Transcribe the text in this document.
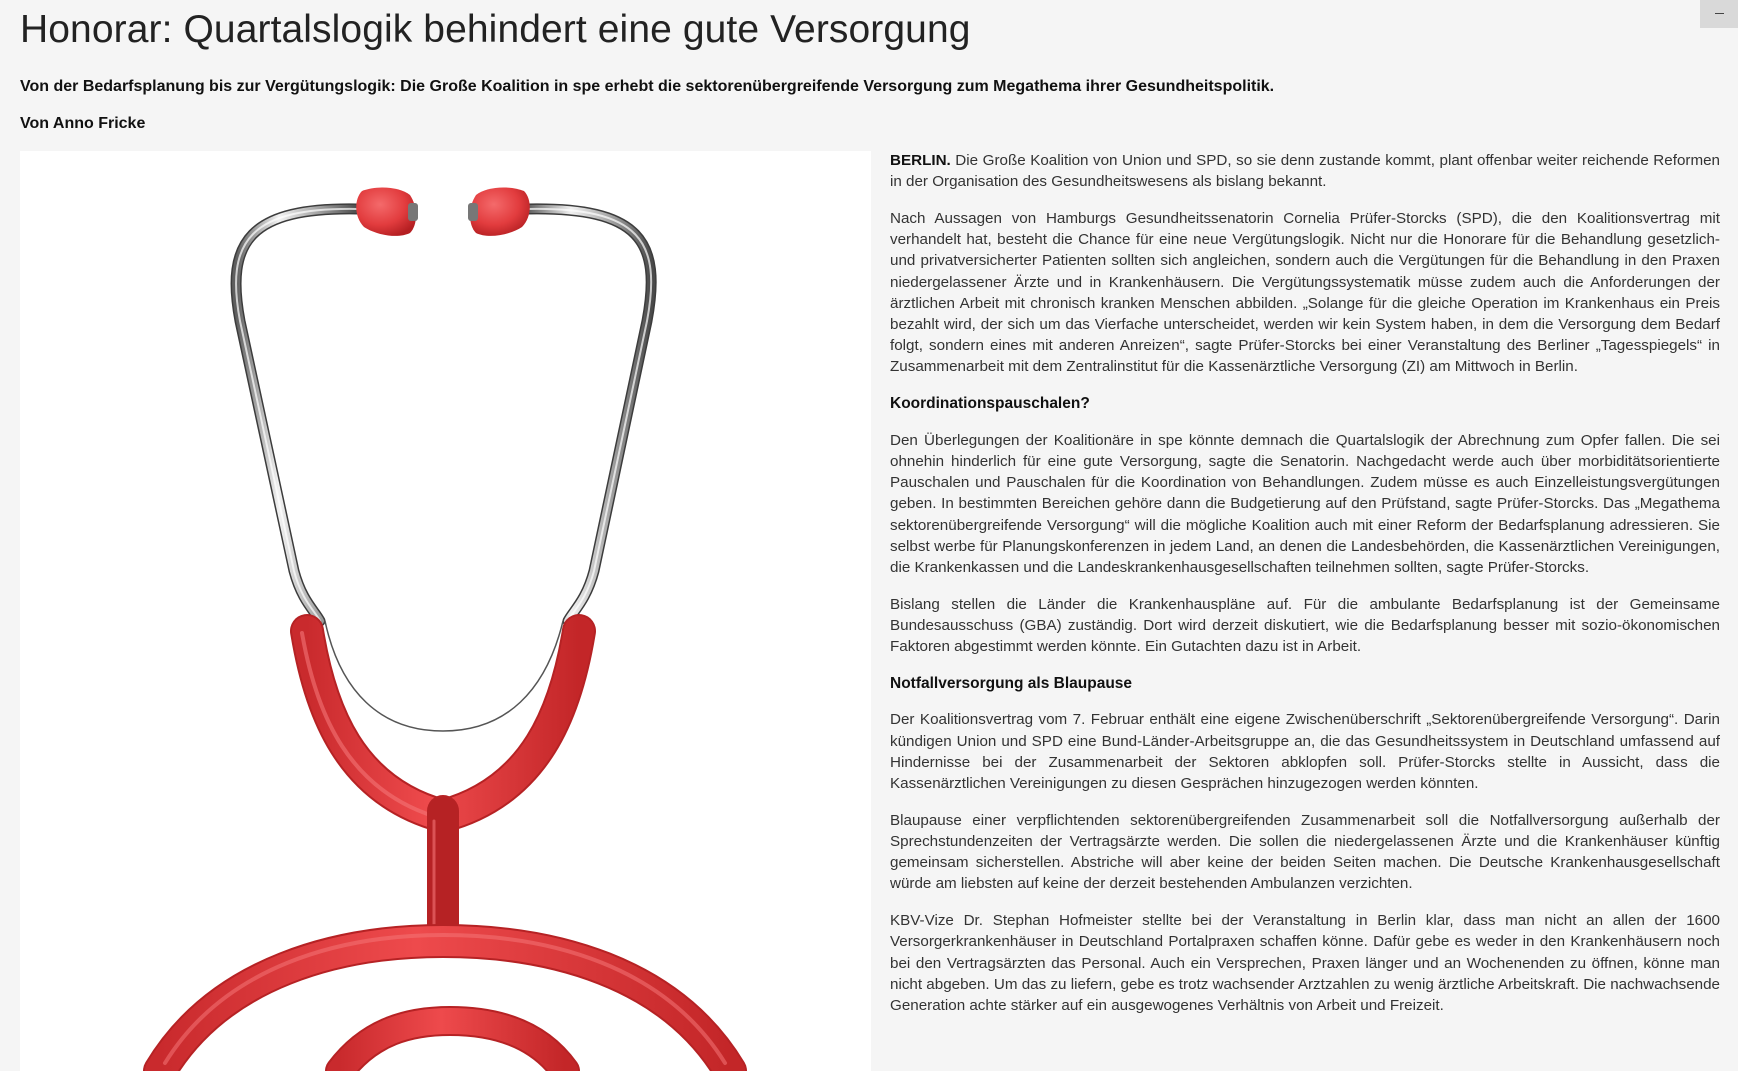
Honorar: Quartalslogik behindert eine gute Versorgung

Von der Bedarfsplanung bis zur Vergütungslogik: Die Große Koalition in spe erhebt die sektorenübergreifende Versorgung zum Megathema ihrer Gesundheitspolitik.

Von Anno Fricke

BERLIN. Die Große Koalition von Union und SPD, so sie denn zustande kommt, plant offenbar weiter reichende Reformen in der Organisation des Gesundheitswesens als bislang bekannt.

Nach Aussagen von Hamburgs Gesundheitssenatorin Cornelia Prüfer-Storcks (SPD), die den Koalitionsvertrag mit verhandelt hat, besteht die Chance für eine neue Vergütungslogik. Nicht nur die Honorare für die Behandlung gesetzlich- und privatversicherter Patienten sollten sich angleichen, sondern auch die Vergütungen für die Behandlung in den Praxen niedergelassener Ärzte und in Krankenhäusern. Die Vergütungssystematik müsse zudem auch die Anforderungen der ärztlichen Arbeit mit chronisch kranken Menschen abbilden. „Solange für die gleiche Operation im Krankenhaus ein Preis bezahlt wird, der sich um das Vierfache unterscheidet, werden wir kein System haben, in dem die Versorgung dem Bedarf folgt, sondern eines mit anderen Anreizen“, sagte Prüfer-Storcks bei einer Veranstaltung des Berliner „Tagesspiegels“ in Zusammenarbeit mit dem Zentralinstitut für die Kassenärztliche Versorgung (ZI) am Mittwoch in Berlin.

Koordinationspauschalen?

Den Überlegungen der Koalitionäre in spe könnte demnach die Quartalslogik der Abrechnung zum Opfer fallen. Die sei ohnehin hinderlich für eine gute Versorgung, sagte die Senatorin. Nachgedacht werde auch über morbiditätsorientierte Pauschalen und Pauschalen für die Koordination von Behandlungen. Zudem müsse es auch Einzelleistungsvergütungen geben. In bestimmten Bereichen gehöre dann die Budgetierung auf den Prüfstand, sagte Prüfer-Storcks. Das „Megathema sektorenübergreifende Versorgung“ will die mögliche Koalition auch mit einer Reform der Bedarfsplanung adressieren. Sie selbst werbe für Planungskonferenzen in jedem Land, an denen die Landesbehörden, die Kassenärztlichen Vereinigungen, die Krankenkassen und die Landeskrankenhausgesellschaften teilnehmen sollten, sagte Prüfer-Storcks.

Bislang stellen die Länder die Krankenhauspläne auf. Für die ambulante Bedarfsplanung ist der Gemeinsame Bundesausschuss (GBA) zuständig. Dort wird derzeit diskutiert, wie die Bedarfsplanung besser mit sozio-ökonomischen Faktoren abgestimmt werden könnte. Ein Gutachten dazu ist in Arbeit.

Notfallversorgung als Blaupause

Der Koalitionsvertrag vom 7. Februar enthält eine eigene Zwischenüberschrift „Sektorenübergreifende Versorgung“. Darin kündigen Union und SPD eine Bund-Länder-Arbeitsgruppe an, die das Gesundheitssystem in Deutschland umfassend auf Hindernisse bei der Zusammenarbeit der Sektoren abklopfen soll. Prüfer-Storcks stellte in Aussicht, dass die Kassenärztlichen Vereinigungen zu diesen Gesprächen hinzugezogen werden könnten.

Blaupause einer verpflichtenden sektorenübergreifenden Zusammenarbeit soll die Notfallversorgung außerhalb der Sprechstundenzeiten der Vertragsärzte werden. Die sollen die niedergelassenen Ärzte und die Krankenhäuser künftig gemeinsam sicherstellen. Abstriche will aber keine der beiden Seiten machen. Die Deutsche Krankenhausgesellschaft würde am liebsten auf keine der derzeit bestehenden Ambulanzen verzichten.

KBV-Vize Dr. Stephan Hofmeister stellte bei der Veranstaltung in Berlin klar, dass man nicht an allen der 1600 Versorgerkrankenhäuser in Deutschland Portalpraxen schaffen könne. Dafür gebe es weder in den Krankenhäusern noch bei den Vertragsärzten das Personal. Auch ein Versprechen, Praxen länger und an Wochenenden zu öffnen, könne man nicht abgeben. Um das zu liefern, gebe es trotz wachsender Arztzahlen zu wenig ärztliche Arbeitskraft. Die nachwachsende Generation achte stärker auf ein ausgewogenes Verhältnis von Arbeit und Freizeit.
